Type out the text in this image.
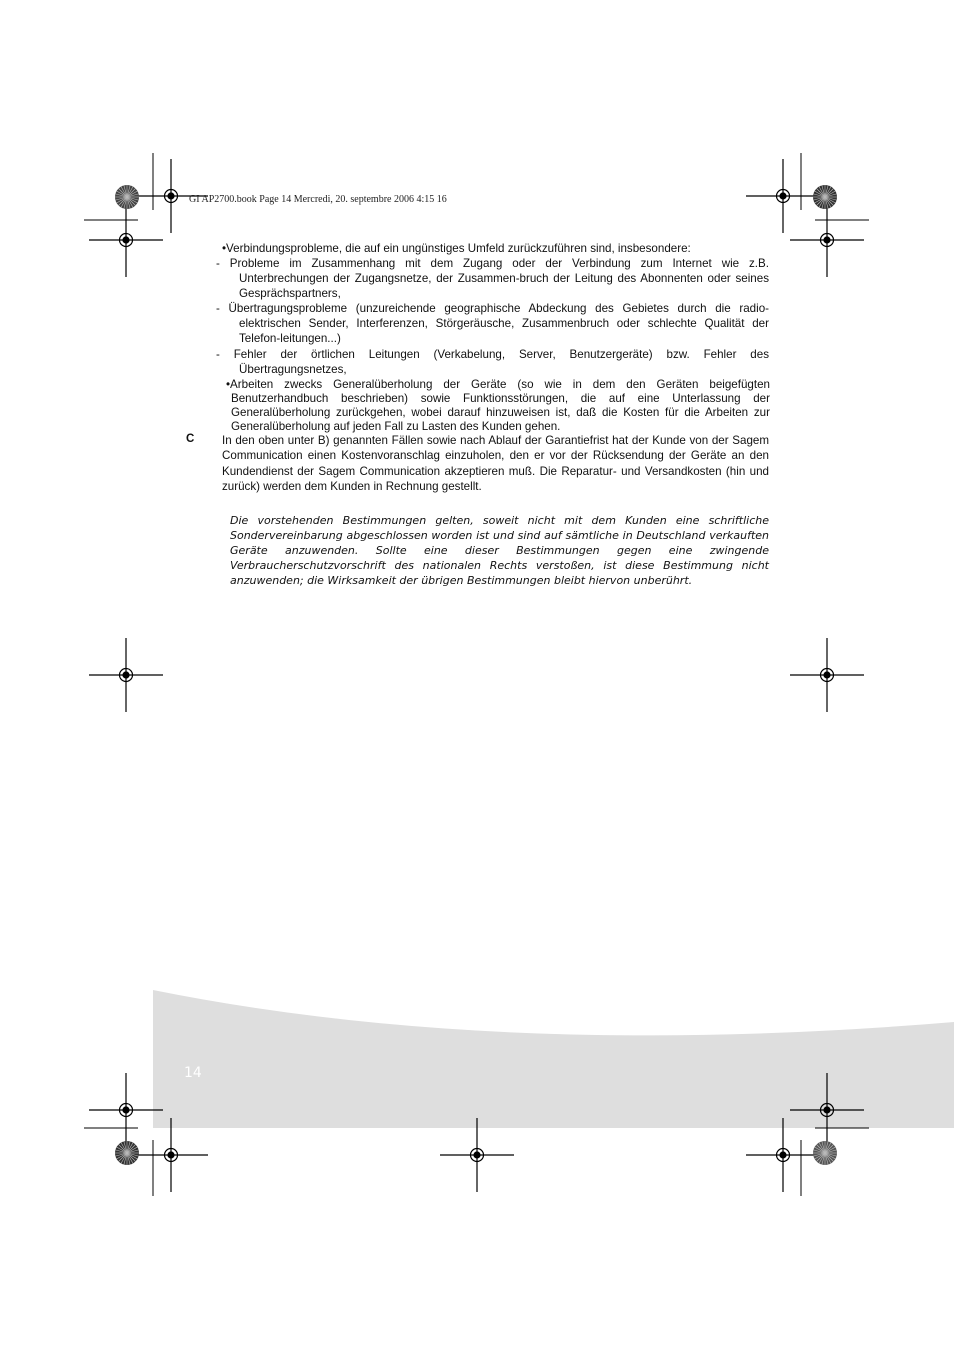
GI AP2700.book Page 14 Mercredi, 20. septembre 2006 4:15 16
•Verbindungsprobleme, die auf ein ungünstiges Umfeld zurückzuführen sind, insbesondere:
- Probleme im Zusammenhang mit dem Zugang oder der Verbindung zum Internet wie z.B. Unterbrechungen der Zugangsnetze, der Zusammen-bruch der Leitung des Abonnenten oder seines Gesprächspartners,
- Übertragungsprobleme (unzureichende geographische Abdeckung des Gebietes durch die radio-elektrischen Sender, Interferenzen, Störgeräusche, Zusammenbruch oder schlechte Qualität der Telefon-leitungen...)
- Fehler der örtlichen Leitungen (Verkabelung, Server, Benutzergeräte) bzw. Fehler des Übertragungsnetzes,
•Arbeiten zwecks Generalüberholung der Geräte (so wie in dem den Geräten beigefügten Benutzerhandbuch beschrieben) sowie Funktionsstörungen, die auf eine Unterlassung der Generalüberholung zurückgehen, wobei darauf hinzuweisen ist, daß die Kosten für die Arbeiten zur Generalüberholung auf jeden Fall zu Lasten des Kunden gehen.
C In den oben unter B) genannten Fällen sowie nach Ablauf der Garantiefrist hat der Kunde von der Sagem Communication einen Kostenvoranschlag einzuholen, den er vor der Rücksendung der Geräte an den Kundendienst der Sagem Communication akzeptieren muß. Die Reparatur- und Versandkosten (hin und zurück) werden dem Kunden in Rechnung gestellt.
Die vorstehenden Bestimmungen gelten, soweit nicht mit dem Kunden eine schriftliche Sondervereinbarung abgeschlossen worden ist und sind auf sämtliche in Deutschland verkauften Geräte anzuwenden. Sollte eine dieser Bestimmungen gegen eine zwingende Verbraucherschutzvorschrift des nationalen Rechts verstoßen, ist diese Bestimmung nicht anzuwenden; die Wirksamkeit der übrigen Bestimmungen bleibt hiervon unberührt.
14
